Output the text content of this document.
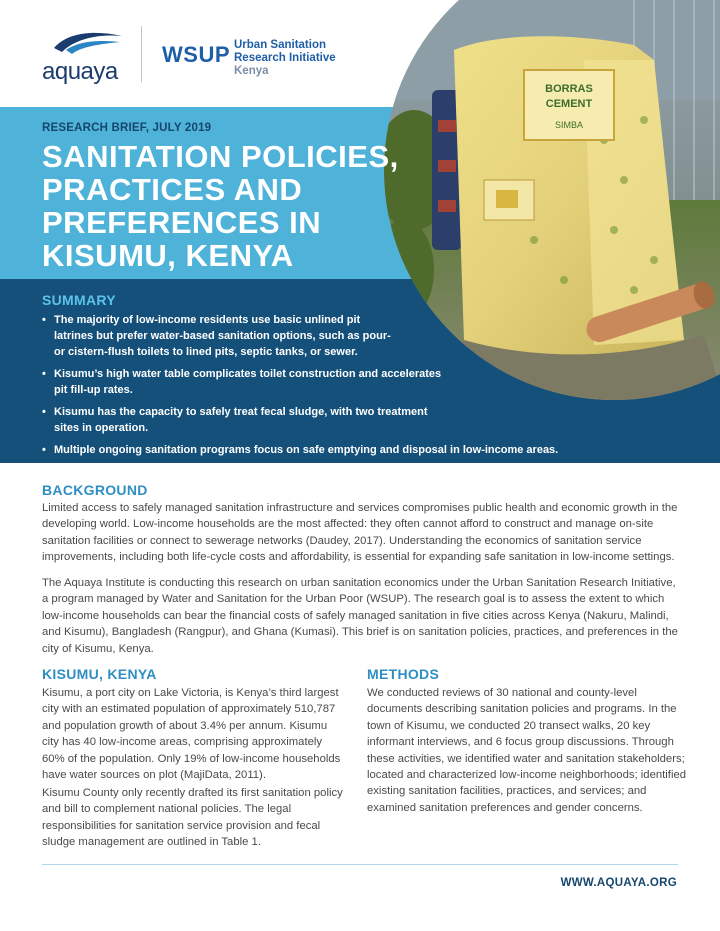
aquaya
WSUP Urban Sanitation
Research Initiative
Kenya
BORRAS
CEMENT
SIMBA
RESEARCH BRIEF, JULY 2019
SANITATION POLICIES,
PRACTICES AND
PREFERENCES IN
KISUMU, KENYA
SUMMARY
• The majority of low-income residents use basic unlined pit latrines but prefer water-based sanitation options, such as pour- or cistern-flush toilets to lined pits, septic tanks, or sewer.
• Kisumu’s high water table complicates toilet construction and accelerates pit fill-up rates.
• Kisumu has the capacity to safely treat fecal sludge, with two treatment sites in operation.
• Multiple ongoing sanitation programs focus on safe emptying and disposal in low-income areas.
BACKGROUND

Limited access to safely managed sanitation infrastructure and services compromises public health and economic growth in the developing world. Low-income households are the most affected: they often cannot afford to construct and manage on-site sanitation facilities or connect to sewerage networks (Daudey, 2017). Understanding the economics of sanitation service improvements, including both life-cycle costs and affordability, is essential for expanding safe sanitation in low-income settings.

The Aquaya Institute is conducting this research on urban sanitation economics under the Urban Sanitation Research Initiative, a program managed by Water and Sanitation for the Urban Poor (WSUP). The research goal is to assess the extent to which low-income households can bear the financial costs of safely managed sanitation in five cities across Kenya (Nakuru, Malindi, and Kisumu), Bangladesh (Rangpur), and Ghana (Kumasi). This brief is on sanitation policies, practices, and preferences in the city of Kisumu, Kenya.

KISUMU, KENYA

Kisumu, a port city on Lake Victoria, is Kenya’s third largest city with an estimated population of approximately 510,787 and population growth of about 3.4% per annum. Kisumu city has 40 low-income areas, comprising approximately 60% of the population. Only 19% of low-income households have water sources on plot (MajiData, 2011).

Kisumu County only recently drafted its first sanitation policy and bill to complement national policies. The legal responsibilities for sanitation service provision and fecal sludge management are outlined in Table 1.

METHODS

We conducted reviews of 30 national and county-level documents describing sanitation policies and programs. In the town of Kisumu, we conducted 20 transect walks, 20 key informant interviews, and 6 focus group discussions. Through these activities, we identified water and sanitation stakeholders; located and characterized low-income neighborhoods; identified existing sanitation facilities, practices, and services; and examined sanitation preferences and gender concerns.

WWW.AQUAYA.ORG
